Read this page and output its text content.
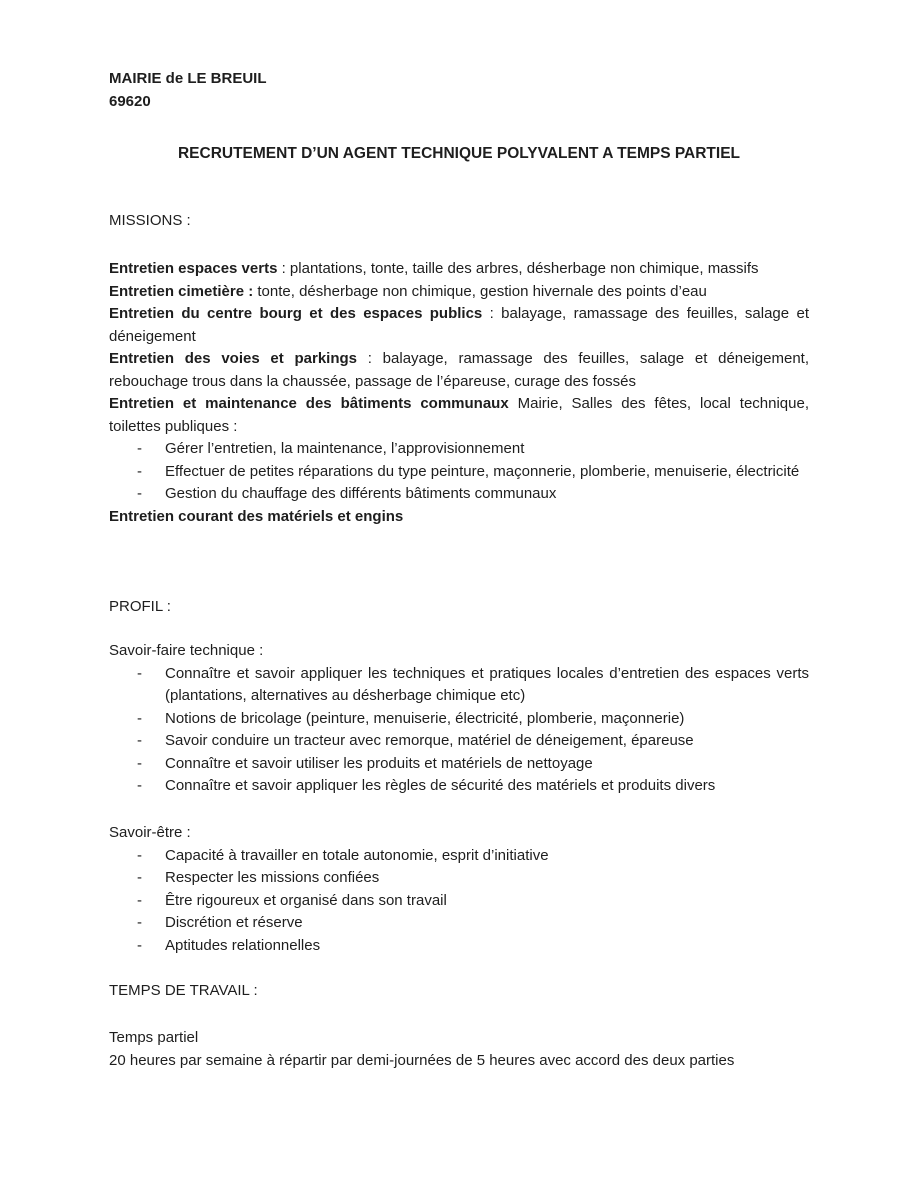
MAIRIE de LE BREUIL

69620

RECRUTEMENT D’UN AGENT TECHNIQUE POLYVALENT A TEMPS PARTIEL
MISSIONS :

Entretien espaces verts : plantations, tonte, taille des arbres, désherbage non chimique, massifs

Entretien cimetière : tonte, désherbage non chimique, gestion hivernale des points d’eau

Entretien du centre bourg et des espaces publics : balayage, ramassage des feuilles, salage et déneigement

Entretien des voies et parkings : balayage, ramassage des feuilles, salage et déneigement, rebouchage trous dans la chaussée, passage de l’épareuse, curage des fossés

Entretien et maintenance des bâtiments communaux Mairie, Salles des fêtes, local technique, toilettes publiques :

- Gérer l’entretien, la maintenance, l’approvisionnement
- Effectuer de petites réparations du type peinture, maçonnerie, plomberie, menuiserie, électricité
- Gestion du chauffage des différents bâtiments communaux

Entretien courant des matériels et engins

PROFIL :

Savoir-faire technique :

- Connaître et savoir appliquer les techniques et pratiques locales d’entretien des espaces verts (plantations, alternatives au désherbage chimique etc)
- Notions de bricolage (peinture, menuiserie, électricité, plomberie, maçonnerie)
- Savoir conduire un tracteur avec remorque, matériel de déneigement, épareuse
- Connaître et savoir utiliser les produits et matériels de nettoyage
- Connaître et savoir appliquer les règles de sécurité des matériels et produits divers

Savoir-être :

- Capacité à travailler en totale autonomie, esprit d’initiative
- Respecter les missions confiées
- Être rigoureux et organisé dans son travail
- Discrétion et réserve
- Aptitudes relationnelles
TEMPS DE TRAVAIL :

Temps partiel

20 heures par semaine à répartir par demi-journées de 5 heures avec accord des deux parties
